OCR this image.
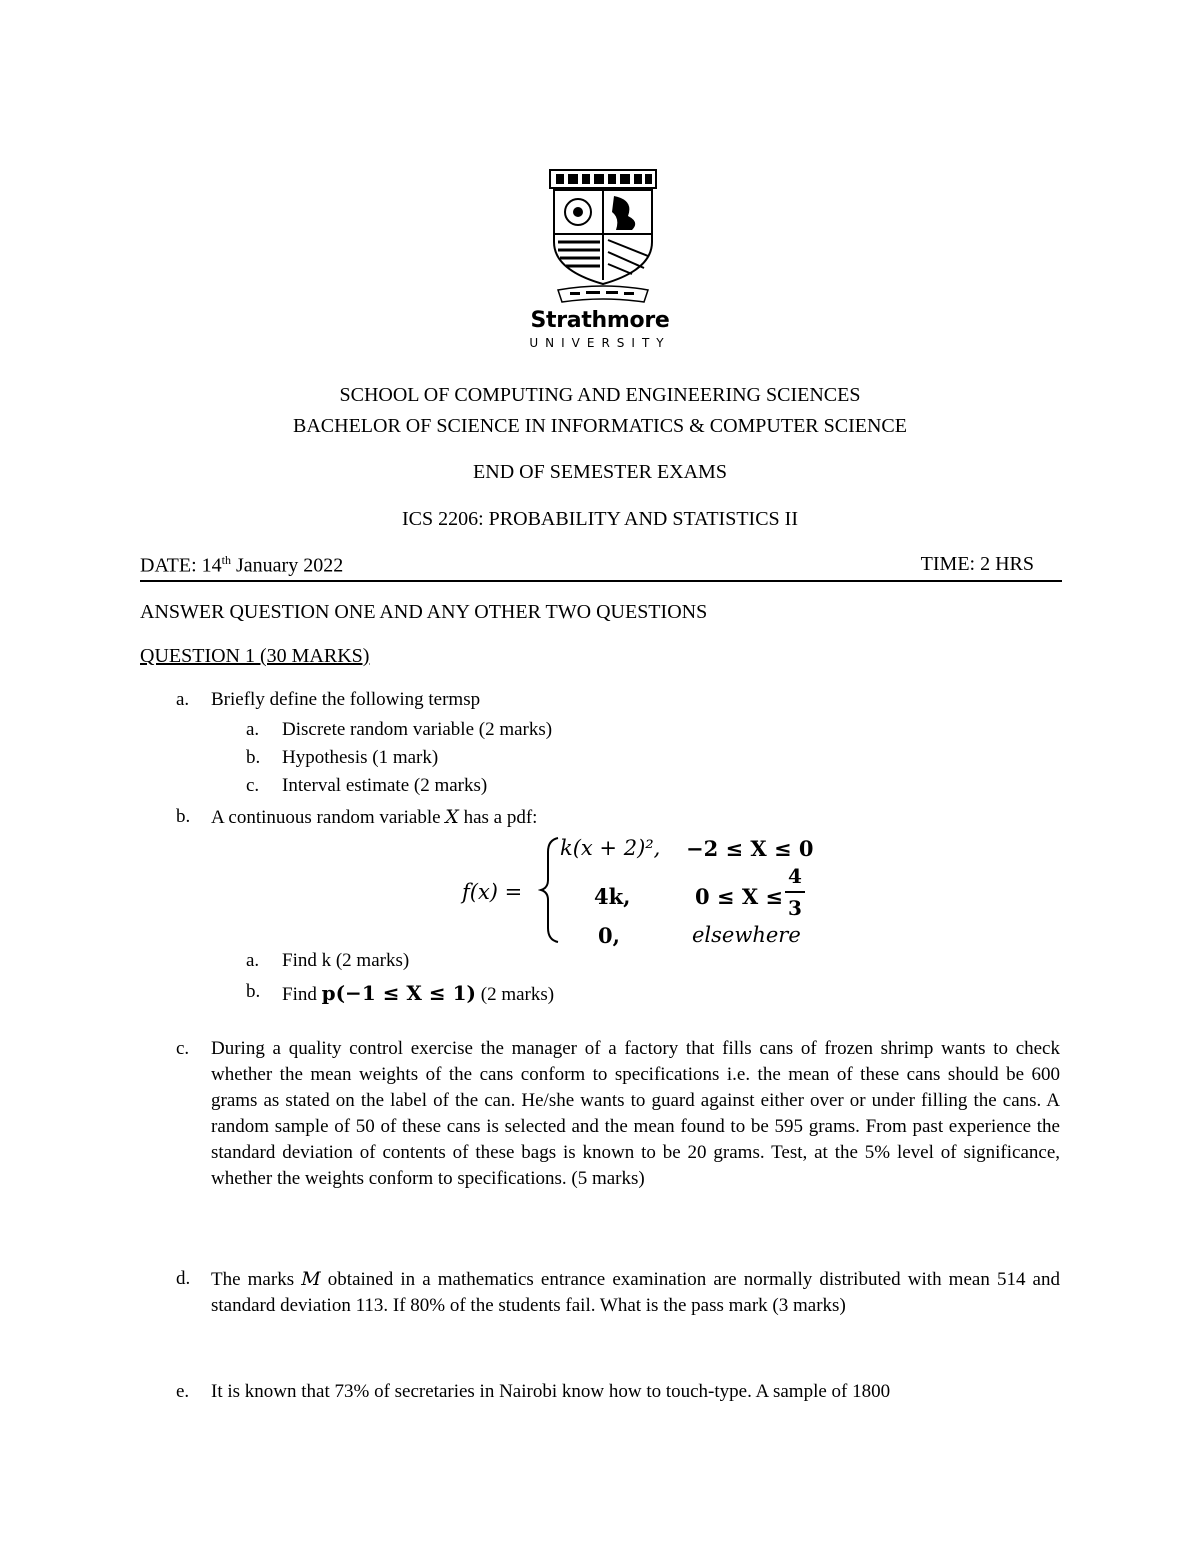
Strathmore
UNIVERSITY
SCHOOL OF COMPUTING AND ENGINEERING SCIENCES
BACHELOR OF SCIENCE IN INFORMATICS & COMPUTER SCIENCE
END OF SEMESTER EXAMS
ICS 2206: PROBABILITY AND STATISTICS II
DATE: 14th January 2022	TIME: 2 HRS
ANSWER QUESTION ONE AND ANY OTHER TWO QUESTIONS
QUESTION 1 (30 MARKS)
a. Briefly define the following termsp
a. Discrete random variable (2 marks)
b. Hypothesis (1 mark)
c. Interval estimate (2 marks)
b. A continuous random variable X has a pdf:
f(x) =
k(x + 2)², −2 ≤ X ≤ 0
4k,	0 ≤ X ≤
4
3
0,	elsewhere
a. Find k (2 marks)
b. Find p(−1 ≤ X ≤ 1) (2 marks)
c. During a quality control exercise the manager of a factory that fills cans of frozen shrimp wants to check whether the mean weights of the cans conform to specifications i.e. the mean of these cans should be 600 grams as stated on the label of the can. He/she wants to guard against either over or under filling the cans. A random sample of 50 of these cans is selected and the mean found to be 595 grams. From past experience the standard deviation of contents of these bags is known to be 20 grams. Test, at the 5% level of significance, whether the weights conform to specifications. (5 marks)
d. The marks M obtained in a mathematics entrance examination are normally distributed with mean 514 and standard deviation 113. If 80% of the students fail. What is the pass mark (3 marks)
e. It is known that 73% of secretaries in Nairobi know how to touch-type. A sample of 1800
